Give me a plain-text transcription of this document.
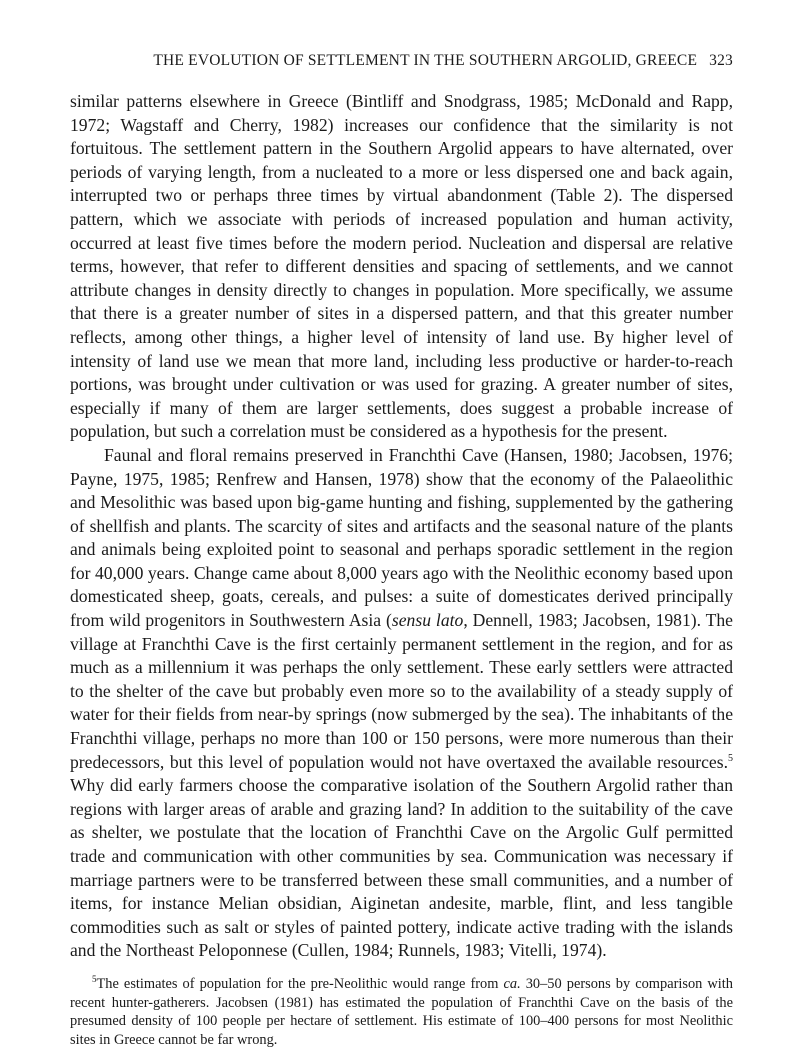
THE EVOLUTION OF SETTLEMENT IN THE SOUTHERN ARGOLID, GREECE 323

similar patterns elsewhere in Greece (Bintliff and Snodgrass, 1985; McDonald and Rapp, 1972; Wagstaff and Cherry, 1982) increases our confidence that the similarity is not fortuitous. The settlement pattern in the Southern Argolid appears to have alternated, over periods of varying length, from a nucleated to a more or less dispersed one and back again, interrupted two or perhaps three times by virtual abandonment (Table 2). The dispersed pattern, which we associate with periods of increased population and human activity, occurred at least five times before the modern period. Nucleation and dispersal are relative terms, however, that refer to different densities and spacing of settlements, and we cannot attribute changes in density directly to changes in population. More specifically, we assume that there is a greater number of sites in a dispersed pattern, and that this greater number reflects, among other things, a higher level of intensity of land use. By higher level of intensity of land use we mean that more land, including less productive or harder-to-reach portions, was brought under cultivation or was used for grazing. A greater number of sites, especially if many of them are larger settlements, does suggest a probable increase of population, but such a correlation must be considered as a hypothesis for the present.

Faunal and floral remains preserved in Franchthi Cave (Hansen, 1980; Jacobsen, 1976; Payne, 1975, 1985; Renfrew and Hansen, 1978) show that the economy of the Palaeolithic and Mesolithic was based upon big-game hunting and fishing, supplemented by the gathering of shellfish and plants. The scarcity of sites and artifacts and the seasonal nature of the plants and animals being exploited point to seasonal and perhaps sporadic settlement in the region for 40,000 years. Change came about 8,000 years ago with the Neolithic economy based upon domesticated sheep, goats, cereals, and pulses: a suite of domesticates derived principally from wild progenitors in Southwestern Asia (sensu lato, Dennell, 1983; Jacobsen, 1981). The village at Franchthi Cave is the first certainly permanent settlement in the region, and for as much as a millennium it was perhaps the only settlement. These early settlers were attracted to the shelter of the cave but probably even more so to the availability of a steady supply of water for their fields from near-by springs (now submerged by the sea). The inhabitants of the Franchthi village, perhaps no more than 100 or 150 persons, were more numerous than their predecessors, but this level of population would not have overtaxed the available resources.$^5$ Why did early farmers choose the comparative isolation of the Southern Argolid rather than regions with larger areas of arable and grazing land? In addition to the suitability of the cave as shelter, we postulate that the location of Franchthi Cave on the Argolic Gulf permitted trade and communication with other communities by sea. Communication was necessary if marriage partners were to be transferred between these small communities, and a number of items, for instance Melian obsidian, Aiginetan andesite, marble, flint, and less tangible commodities such as salt or styles of painted pottery, indicate active trading with the islands and the Northeast Peloponnese (Cullen, 1984; Runnels, 1983; Vitelli, 1974).

$^5$The estimates of population for the pre-Neolithic would range from ca. 30–50 persons by comparison with recent hunter-gatherers. Jacobsen (1981) has estimated the population of Franchthi Cave on the basis of the presumed density of 100 people per hectare of settlement. His estimate of 100–400 persons for most Neolithic sites in Greece cannot be far wrong.
